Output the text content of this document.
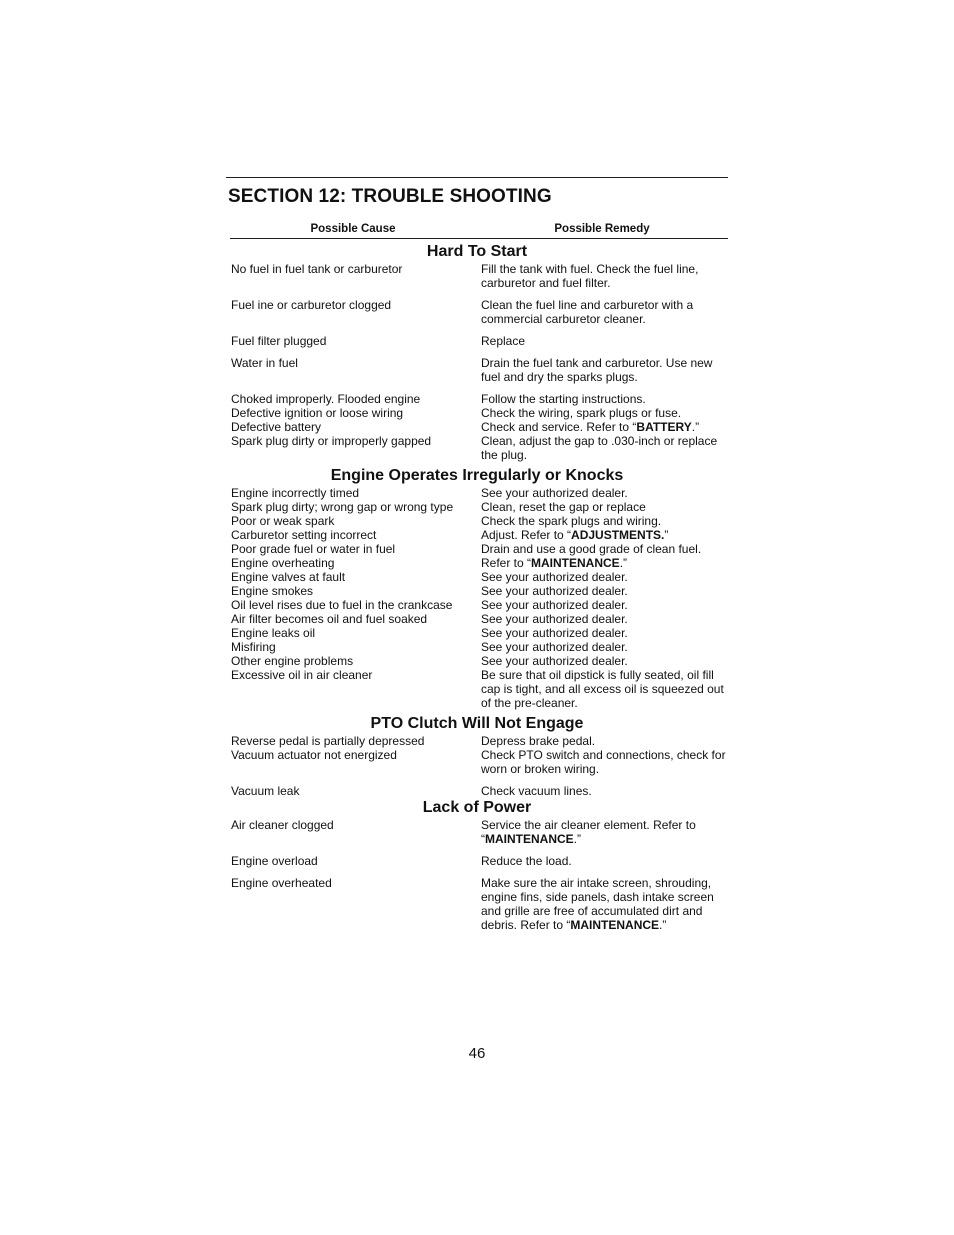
SECTION 12: TROUBLE SHOOTING
Possible Cause	Possible Remedy
Hard To Start
No fuel in fuel tank or carburetor	Fill the tank with fuel. Check the fuel line, carburetor and fuel filter.
Fuel ine or carburetor clogged	Clean the fuel line and carburetor with a commercial carburetor cleaner.
Fuel filter plugged	Replace
Water in fuel	Drain the fuel tank and carburetor. Use new fuel and dry the sparks plugs.
Choked improperly. Flooded engine	Follow the starting instructions.
Defective ignition or loose wiring	Check the wiring, spark plugs or fuse.
Defective battery	Check and service. Refer to “BATTERY.”
Spark plug dirty or improperly gapped	Clean, adjust the gap to .030-inch or replace the plug.
Engine Operates Irregularly or Knocks
Engine incorrectly timed	See your authorized dealer.
Spark plug dirty; wrong gap or wrong type	Clean, reset the gap or replace
Poor or weak spark	Check the spark plugs and wiring.
Carburetor setting incorrect	Adjust. Refer to “ADJUSTMENTS.”
Poor grade fuel or water in fuel	Drain and use a good grade of clean fuel.
Engine overheating	Refer to “MAINTENANCE.”
Engine valves at fault	See your authorized dealer.
Engine smokes	See your authorized dealer.
Oil level rises due to fuel in the crankcase	See your authorized dealer.
Air filter becomes oil and fuel soaked	See your authorized dealer.
Engine leaks oil	See your authorized dealer.
Misfiring	See your authorized dealer.
Other engine problems	See your authorized dealer.
Excessive oil in air cleaner	Be sure that oil dipstick is fully seated, oil fill cap is tight, and all excess oil is squeezed out of the pre-cleaner.
PTO Clutch Will Not Engage
Reverse pedal is partially depressed	Depress brake pedal.
Vacuum actuator not energized	Check PTO switch and connections, check for worn or broken wiring.
Vacuum leak	Check vacuum lines.
Lack of Power
Air cleaner clogged	Service the air cleaner element. Refer to “MAINTENANCE.”
Engine overload	Reduce the load.
Engine overheated	Make sure the air intake screen, shrouding, engine fins, side panels, dash intake screen and grille are free of accumulated dirt and debris. Refer to “MAINTENANCE.”
46
